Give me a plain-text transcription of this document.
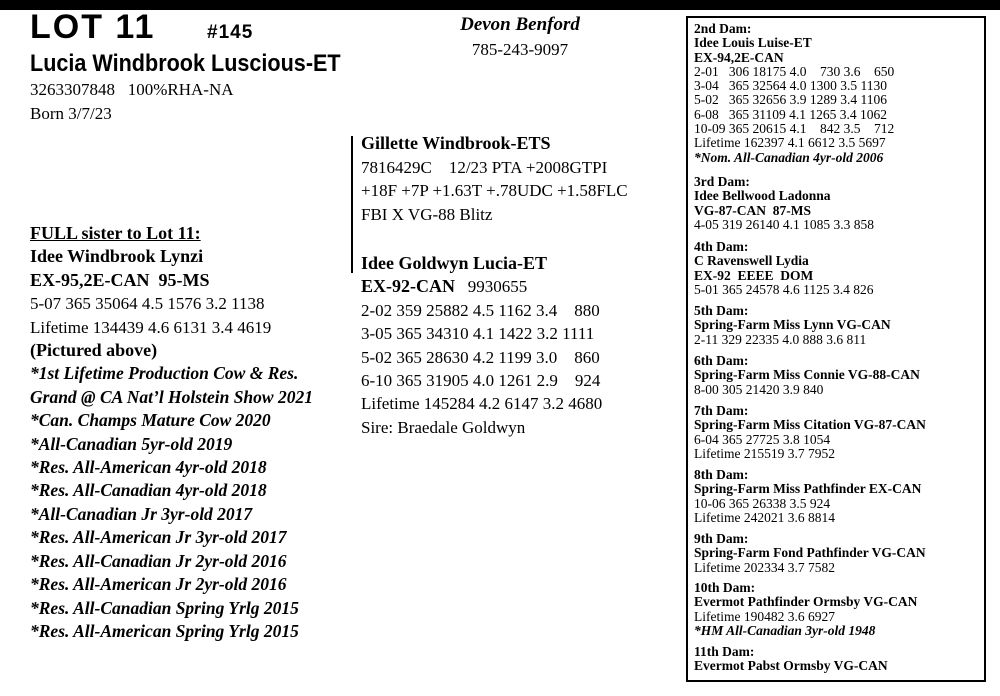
LOT 11	#145
Lucia Windbrook Luscious-ET
3263307848   100%RHA-NA
Born 3/7/23
Devon Benford
785-243-9097
Gillette Windbrook-ETS
7816429C    12/23 PTA +2008GTPI
+18F +7P +1.63T +.78UDC +1.58FLC
FBI X VG-88 Blitz
Idee Goldwyn Lucia-ET
EX-92-CAN 9930655
2-02 359 25882 4.5 1162 3.4    880
3-05 365 34310 4.1 1422 3.2 1111
5-02 365 28630 4.2 1199 3.0    860
6-10 365 31905 4.0 1261 2.9    924
Lifetime 145284 4.2 6147 3.2 4680
Sire: Braedale Goldwyn
FULL sister to Lot 11:
Idee Windbrook Lynzi
EX-95,2E-CAN  95-MS
5-07 365 35064 4.5 1576 3.2 1138
Lifetime 134439 4.6 6131 3.4 4619
(Pictured above)
*1st Lifetime Production Cow & Res.
Grand @ CA Nat’l Holstein Show 2021
*Can. Champs Mature Cow 2020
*All-Canadian 5yr-old 2019
*Res. All-American 4yr-old 2018
*Res. All-Canadian 4yr-old 2018
*All-Canadian Jr 3yr-old 2017
*Res. All-American Jr 3yr-old 2017
*Res. All-Canadian Jr 2yr-old 2016
*Res. All-American Jr 2yr-old 2016
*Res. All-Canadian Spring Yrlg 2015
*Res. All-American Spring Yrlg 2015
2nd Dam:
Idee Louis Luise-ET
EX-94,2E-CAN
2-01   306 18175 4.0    730 3.6    650
3-04   365 32564 4.0 1300 3.5 1130
5-02   365 32656 3.9 1289 3.4 1106
6-08   365 31109 4.1 1265 3.4 1062
10-09 365 20615 4.1    842 3.5    712
Lifetime 162397 4.1 6612 3.5 5697
*Nom. All-Canadian 4yr-old 2006
3rd Dam:
Idee Bellwood Ladonna
VG-87-CAN  87-MS
4-05 319 26140 4.1 1085 3.3 858
4th Dam:
C Ravenswell Lydia
EX-92  EEEE  DOM
5-01 365 24578 4.6 1125 3.4 826
5th Dam:
Spring-Farm Miss Lynn VG-CAN
2-11 329 22335 4.0 888 3.6 811
6th Dam:
Spring-Farm Miss Connie VG-88-CAN
8-00 305 21420 3.9 840
7th Dam:
Spring-Farm Miss Citation VG-87-CAN
6-04 365 27725 3.8 1054
Lifetime 215519 3.7 7952
8th Dam:
Spring-Farm Miss Pathfinder EX-CAN
10-06 365 26338 3.5 924
Lifetime 242021 3.6 8814
9th Dam:
Spring-Farm Fond Pathfinder VG-CAN
Lifetime 202334 3.7 7582
10th Dam:
Evermot Pathfinder Ormsby VG-CAN
Lifetime 190482 3.6 6927
*HM All-Canadian 3yr-old 1948
11th Dam:
Evermot Pabst Ormsby VG-CAN
